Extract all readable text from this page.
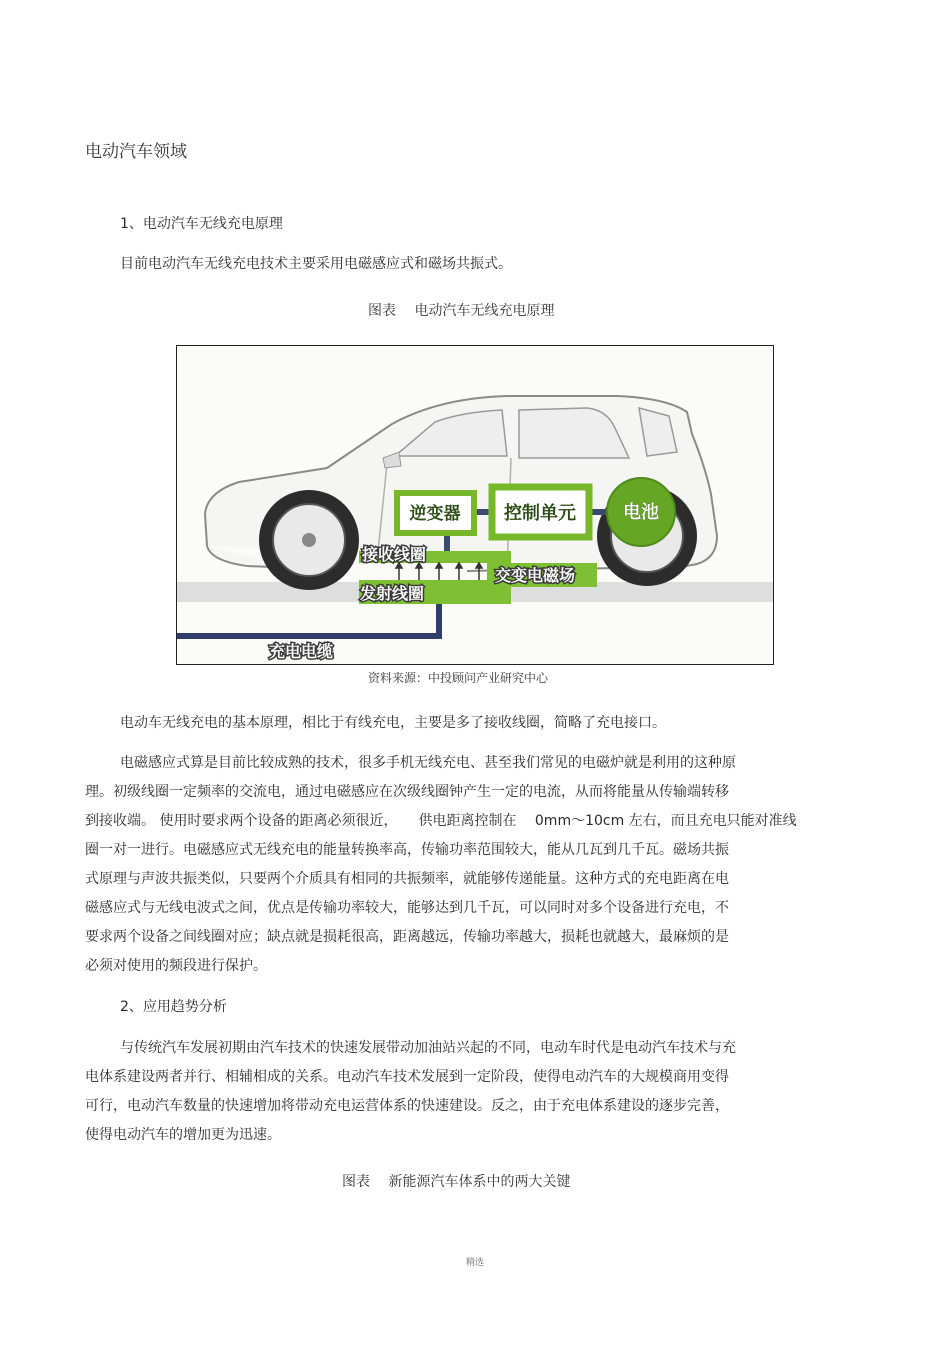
电动汽车领域
1、电动汽车无线充电原理
目前电动汽车无线充电技术主要采用电磁感应式和磁场共振式。
图表　 电动汽车无线充电原理
逆变器 控制单元	电池
接收线圈
交变电磁场
发射线圈
充电电缆
资料来源：中投顾问产业研究中心
电动车无线充电的基本原理，相比于有线充电，主要是多了接收线圈，简略了充电接口。
电磁感应式算是目前比较成熟的技术，很多手机无线充电、甚至我们常见的电磁炉就是利用的这种原
理。初级线圈一定频率的交流电，通过电磁感应在次级线圈钟产生一定的电流，从而将能量从传输端转移
到接收端。 使用时要求两个设备的距离必须很近，　　供电距离控制在　 0mm～10cm 左右，而且充电只能对准线
圈一对一进行。电磁感应式无线充电的能量转换率高，传输功率范围较大，能从几瓦到几千瓦。磁场共振
式原理与声波共振类似，只要两个介质具有相同的共振频率，就能够传递能量。这种方式的充电距离在电
磁感应式与无线电波式之间，优点是传输功率较大，能够达到几千瓦，可以同时对多个设备进行充电，不
要求两个设备之间线圈对应；缺点就是损耗很高，距离越远，传输功率越大，损耗也就越大，最麻烦的是
必须对使用的频段进行保护。
2、应用趋势分析
与传统汽车发展初期由汽车技术的快速发展带动加油站兴起的不同，电动车时代是电动汽车技术与充
电体系建设两者并行、相辅相成的关系。电动汽车技术发展到一定阶段，使得电动汽车的大规模商用变得
可行，电动汽车数量的快速增加将带动充电运营体系的快速建设。反之，由于充电体系建设的逐步完善，
使得电动汽车的增加更为迅速。
图表　 新能源汽车体系中的两大关键
精选
